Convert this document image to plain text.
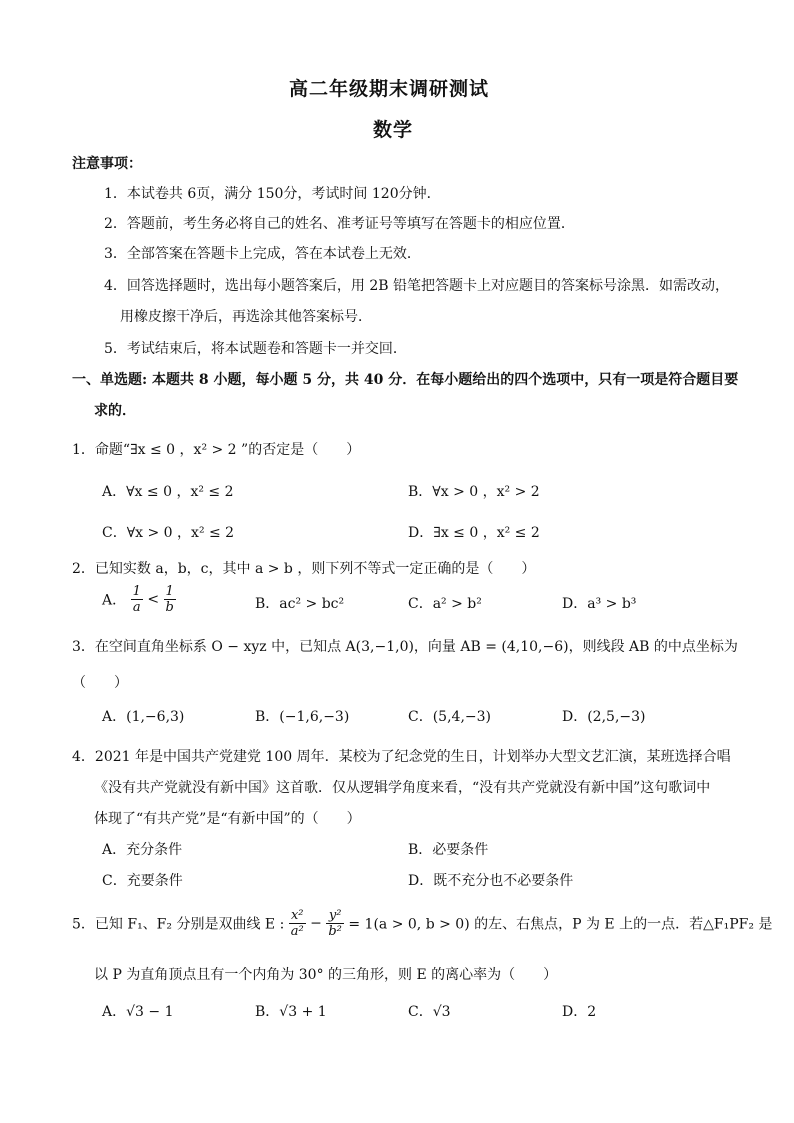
高二年级期末调研测试
数学
注意事项：
1．本试卷共 6页，满分 150分，考试时间 120分钟．
2．答题前，考生务必将自己的姓名、准考证号等填写在答题卡的相应位置．
3．全部答案在答题卡上完成，答在本试卷上无效．
4．回答选择题时，选出每小题答案后，用 2B 铅笔把答题卡上对应题目的答案标号涂黑．如需改动，
用橡皮擦干净后，再选涂其他答案标号．
5．考试结束后，将本试题卷和答题卡一并交回．
一、单选题: 本题共 8 小题，每小题 5 分，共 40 分．在每小题给出的四个选项中，只有一项是符合题目要
求的．
1．命题“∃x ≤ 0 ，x² > 2 ”的否定是（　　）
A．∀x ≤ 0 ，x² ≤ 2	B．∀x > 0 ，x² > 2
C．∀x > 0 ，x² ≤ 2	D．∃x ≤ 0 ，x² ≤ 2
2．已知实数 a，b，c，其中 a > b ，则下列不等式一定正确的是（　　）
A． $\frac{1}{a} < \frac{1}{b}$	B．ac² > bc²	C．a² > b²	D．a³ > b³
3．在空间直角坐标系 O − xyz 中，已知点 A(3,−1,0)，向量 AB = (4,10,−6)，则线段 AB 的中点坐标为
（　　）
A．(1,−6,3)	B．(−1,6,−3)	C．(5,4,−3)	D．(2,5,−3)
4．2021 年是中国共产党建党 100 周年．某校为了纪念党的生日，计划举办大型文艺汇演，某班选择合唱
《没有共产党就没有新中国》这首歌．仅从逻辑学角度来看，“没有共产党就没有新中国”这句歌词中
体现了“有共产党”是“有新中国”的（　　）
A．充分条件	B．必要条件
C．充要条件	D．既不充分也不必要条件
5．已知 F₁、F₂ 分别是双曲线 E : $\frac{\text{x²}}{\text{a²}} - \frac{\text{y²}}{\text{b²}} = 1(a > 0$, b > 0) 的左、右焦点，P 为 E 上的一点．若△F₁PF₂ 是
以 P 为直角顶点且有一个内角为 30° 的三角形，则 E 的离心率为（　　）
A．√3 − 1	B．√3 + 1	C．√3	D．2
